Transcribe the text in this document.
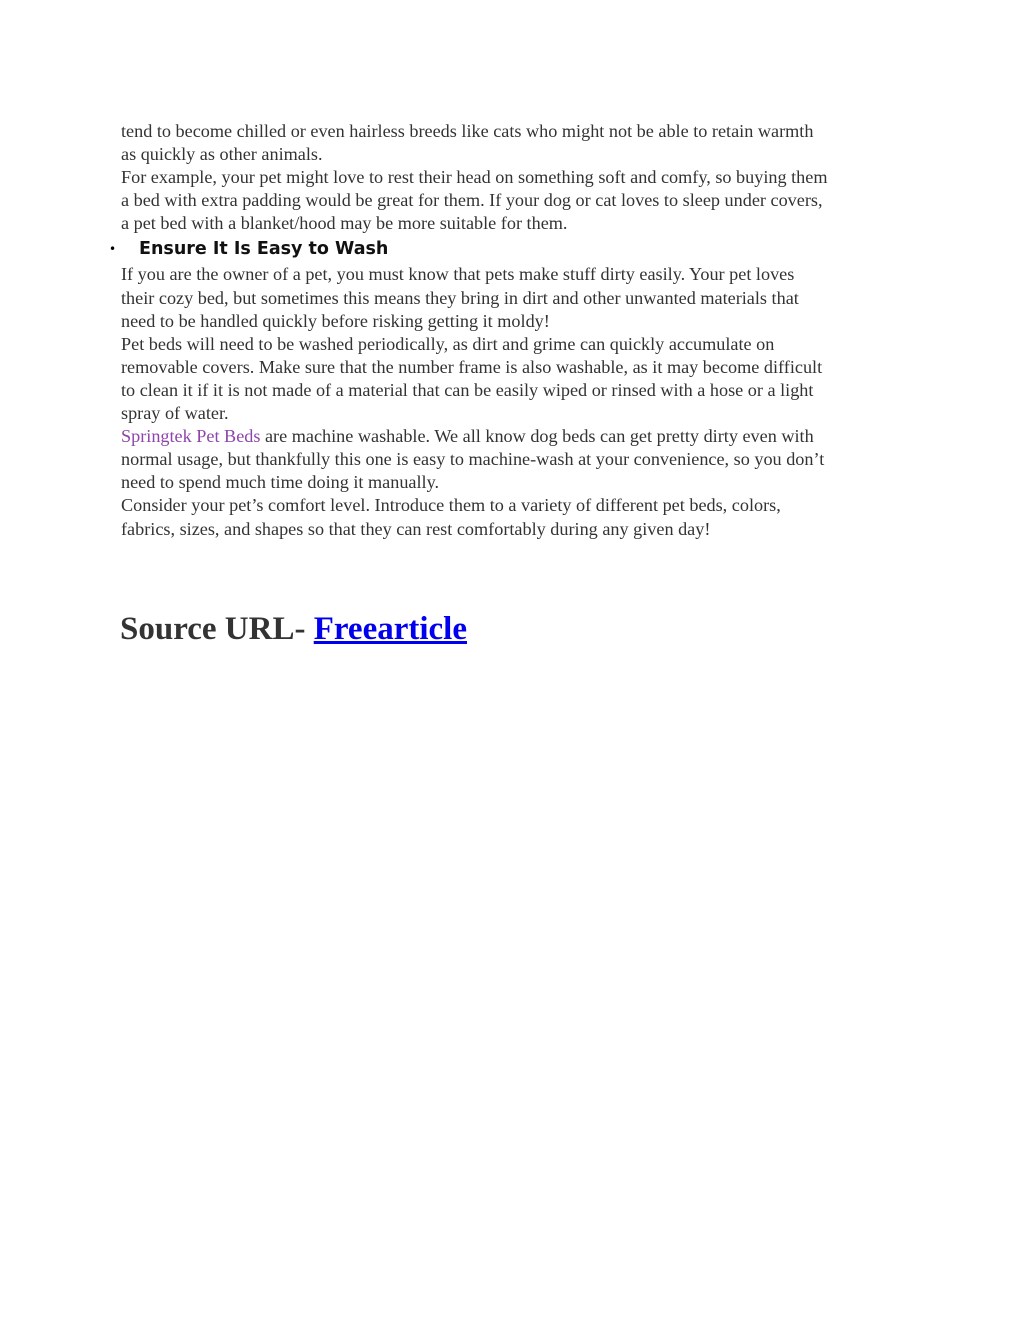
tend to become chilled or even hairless breeds like cats who might not be able to retain warmth
as quickly as other animals.

For example, your pet might love to rest their head on something soft and comfy, so buying them
a bed with extra padding would be great for them. If your dog or cat loves to sleep under covers,
a pet bed with a blanket/hood may be more suitable for them.

• Ensure It Is Easy to Wash

If you are the owner of a pet, you must know that pets make stuff dirty easily. Your pet loves
their cozy bed, but sometimes this means they bring in dirt and other unwanted materials that
need to be handled quickly before risking getting it moldy!

Pet beds will need to be washed periodically, as dirt and grime can quickly accumulate on
removable covers. Make sure that the number frame is also washable, as it may become difficult
to clean it if it is not made of a material that can be easily wiped or rinsed with a hose or a light
spray of water.

Springtek Pet Beds are machine washable. We all know dog beds can get pretty dirty even with
normal usage, but thankfully this one is easy to machine-wash at your convenience, so you don’t
need to spend much time doing it manually.

Consider your pet’s comfort level. Introduce them to a variety of different pet beds, colors,
fabrics, sizes, and shapes so that they can rest comfortably during any given day!

Source URL- Freearticle
